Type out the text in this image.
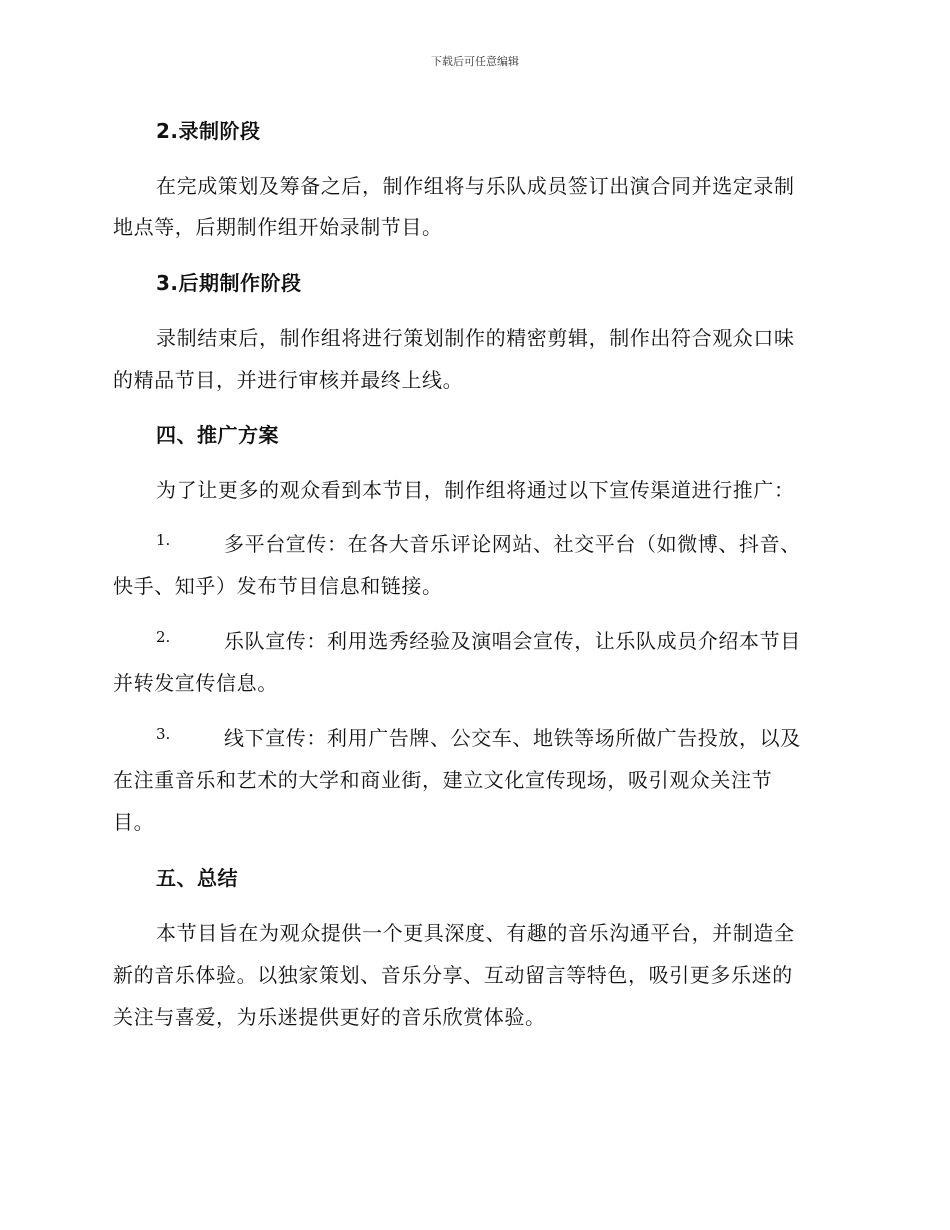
下载后可任意编辑
2.录制阶段
在完成策划及筹备之后，制作组将与乐队成员签订出演合同并选定录制
地点等，后期制作组开始录制节目。
3.后期制作阶段
录制结束后，制作组将进行策划制作的精密剪辑，制作出符合观众口味
的精品节目，并进行审核并最终上线。
四、推广方案
为了让更多的观众看到本节目，制作组将通过以下宣传渠道进行推广：
1.	多平台宣传：在各大音乐评论网站、社交平台（如微博、抖音、
快手、知乎）发布节目信息和链接。
2.	乐队宣传：利用选秀经验及演唱会宣传，让乐队成员介绍本节目
并转发宣传信息。
3.	线下宣传：利用广告牌、公交车、地铁等场所做广告投放，以及
在注重音乐和艺术的大学和商业街，建立文化宣传现场，吸引观众关注节
目。
五、总结
本节目旨在为观众提供一个更具深度、有趣的音乐沟通平台，并制造全
新的音乐体验。以独家策划、音乐分享、互动留言等特色，吸引更多乐迷的
关注与喜爱，为乐迷提供更好的音乐欣赏体验。
